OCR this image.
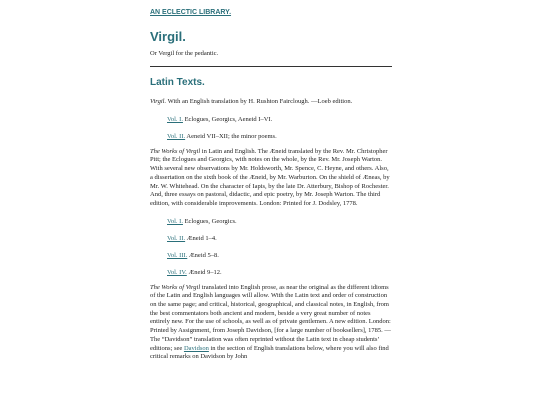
AN ECLECTIC LIBRARY.
Virgil.

Or Vergil for the pedantic.

Latin Texts.

Virgil. With an English translation by H. Rushton Fairclough. —Loeb edition.

Vol. I. Eclogues, Georgics, Aeneid I–VI.
Vol. II. Aeneid VII–XII; the minor poems.

The Works of Virgil in Latin and English. The Æneid translated by the Rev. Mr. Christopher Pitt; the Eclogues and Georgics, with notes on the whole, by the Rev. Mr. Joseph Warton. With several new observations by Mr. Holdsworth, Mr. Spence, C. Heyne, and others. Also, a dissertation on the sixth book of the Æneid, by Mr. Warburton. On the shield of Æneas, by Mr. W. Whitehead. On the character of Iapis, by the late Dr. Atterbury, Bishop of Rochester. And, three essays on pastoral, didactic, and epic poetry, by Mr. Joseph Warton. The third edition, with considerable improvements. London: Printed for J. Dodsley, 1778.

Vol. I. Eclogues, Georgics.
Vol. II. Æneid 1–4.
Vol. III. Æneid 5–8.
Vol. IV. Æneid 9–12.

The Works of Virgil translated into English prose, as near the original as the different idioms of the Latin and English languages will allow. With the Latin text and order of construction on the same page; and critical, historical, geographical, and classical notes, in English, from the best commentators both ancient and modern, beside a very great number of notes entirely new. For the use of schools, as well as of private gentlemen. A new edition. London: Printed by Assignment, from Joseph Davidson, [for a large number of booksellers], 1785. —The “Davidson” translation was often reprinted without the Latin text in cheap students’ editions; see Davidson in the section of English translations below, where you will also find critical remarks on Davidson by John
